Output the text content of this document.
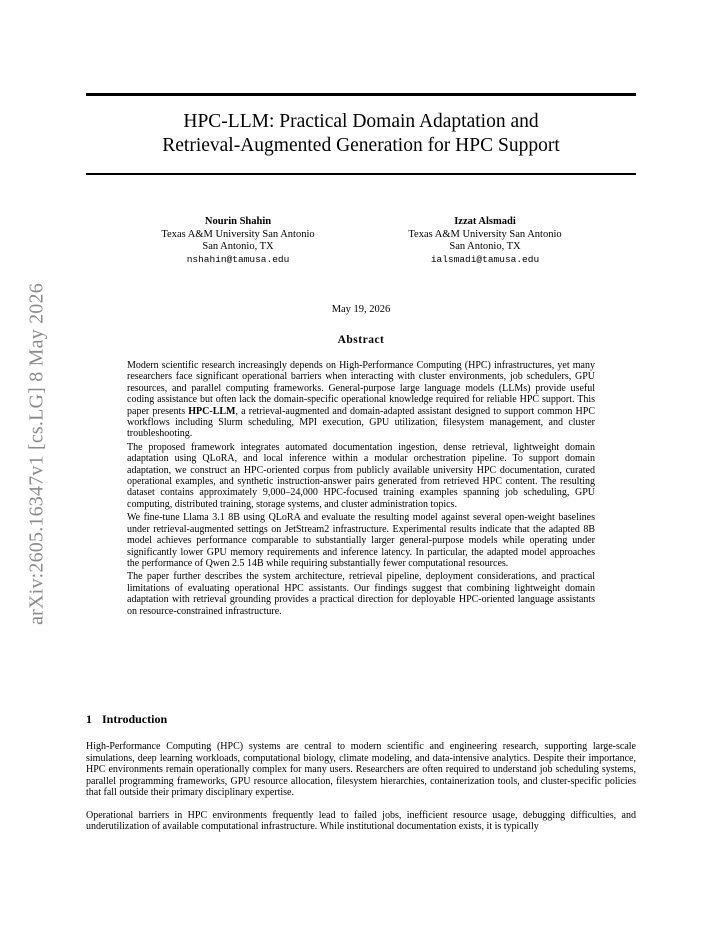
arXiv:2605.16347v1 [cs.LG] 8 May 2026
HPC-LLM: Practical Domain Adaptation and
Retrieval-Augmented Generation for HPC Support
Nourin Shahin
Texas A&M University San Antonio
San Antonio, TX
nshahin@tamusa.edu
Izzat Alsmadi
Texas A&M University San Antonio
San Antonio, TX
ialsmadi@tamusa.edu
May 19, 2026
Abstract

Modern scientific research increasingly depends on High-Performance Computing (HPC) infrastructures, yet many researchers face significant operational barriers when interacting with cluster environments, job schedulers, GPU resources, and parallel computing frameworks. General-purpose large language models (LLMs) provide useful coding assistance but often lack the domain-specific operational knowledge required for reliable HPC support. This paper presents HPC-LLM, a retrieval-augmented and domain-adapted assistant designed to support common HPC workflows including Slurm scheduling, MPI execution, GPU utilization, filesystem management, and cluster troubleshooting.

The proposed framework integrates automated documentation ingestion, dense retrieval, lightweight domain adaptation using QLoRA, and local inference within a modular orchestration pipeline. To support domain adaptation, we construct an HPC-oriented corpus from publicly available university HPC documentation, curated operational examples, and synthetic instruction-answer pairs generated from retrieved HPC content. The resulting dataset contains approximately 9,000–24,000 HPC-focused training examples spanning job scheduling, GPU computing, distributed training, storage systems, and cluster administration topics.

We fine-tune Llama 3.1 8B using QLoRA and evaluate the resulting model against several open-weight baselines under retrieval-augmented settings on JetStream2 infrastructure. Experimental results indicate that the adapted 8B model achieves performance comparable to substantially larger general-purpose models while operating under significantly lower GPU memory requirements and inference latency. In particular, the adapted model approaches the performance of Qwen 2.5 14B while requiring substantially fewer computational resources.

The paper further describes the system architecture, retrieval pipeline, deployment considerations, and practical limitations of evaluating operational HPC assistants. Our findings suggest that combining lightweight domain adaptation with retrieval grounding provides a practical direction for deployable HPC-oriented language assistants on resource-constrained infrastructure.

1 Introduction

High-Performance Computing (HPC) systems are central to modern scientific and engineering research, supporting large-scale simulations, deep learning workloads, computational biology, climate modeling, and data-intensive analytics. Despite their importance, HPC environments remain operationally complex for many users. Researchers are often required to understand job scheduling systems, parallel programming frameworks, GPU resource allocation, filesystem hierarchies, containerization tools, and cluster-specific policies that fall outside their primary disciplinary expertise.

Operational barriers in HPC environments frequently lead to failed jobs, inefficient resource usage, debugging difficulties, and underutilization of available computational infrastructure. While institutional documentation exists, it is typically
